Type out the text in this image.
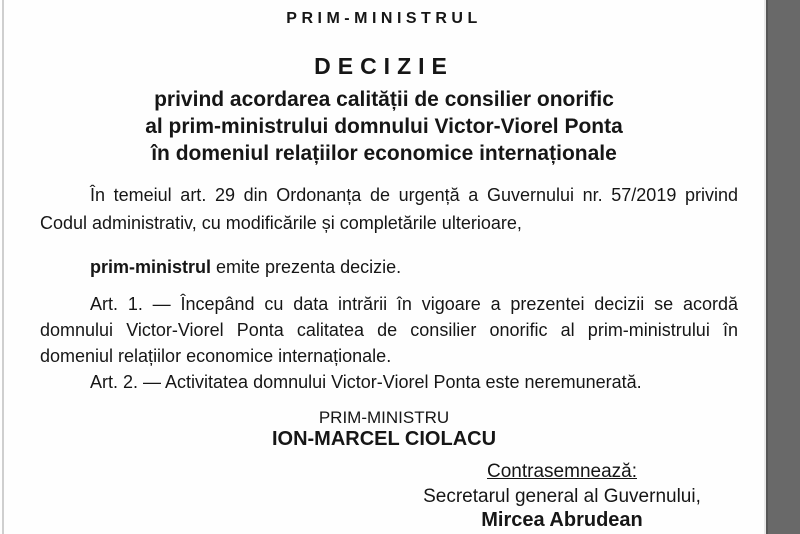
PRIM-MINISTRUL
DECIZIE
privind acordarea calității de consilier onorific
al prim-ministrului domnului Victor-Viorel Ponta
în domeniul relațiilor economice internaționale
În temeiul art. 29 din Ordonanța de urgență a Guvernului nr. 57/2019 privind Codul administrativ, cu modificările și completările ulterioare,
prim-ministrul emite prezenta decizie.
Art. 1. — Începând cu data intrării în vigoare a prezentei decizii se acordă domnului Victor-Viorel Ponta calitatea de consilier onorific al prim-ministrului în domeniul relațiilor economice internaționale.
Art. 2. — Activitatea domnului Victor-Viorel Ponta este neremunerată.
PRIM-MINISTRU
ION-MARCEL CIOLACU
Contrasemnează:
Secretarul general al Guvernului,
Mircea Abrudean
